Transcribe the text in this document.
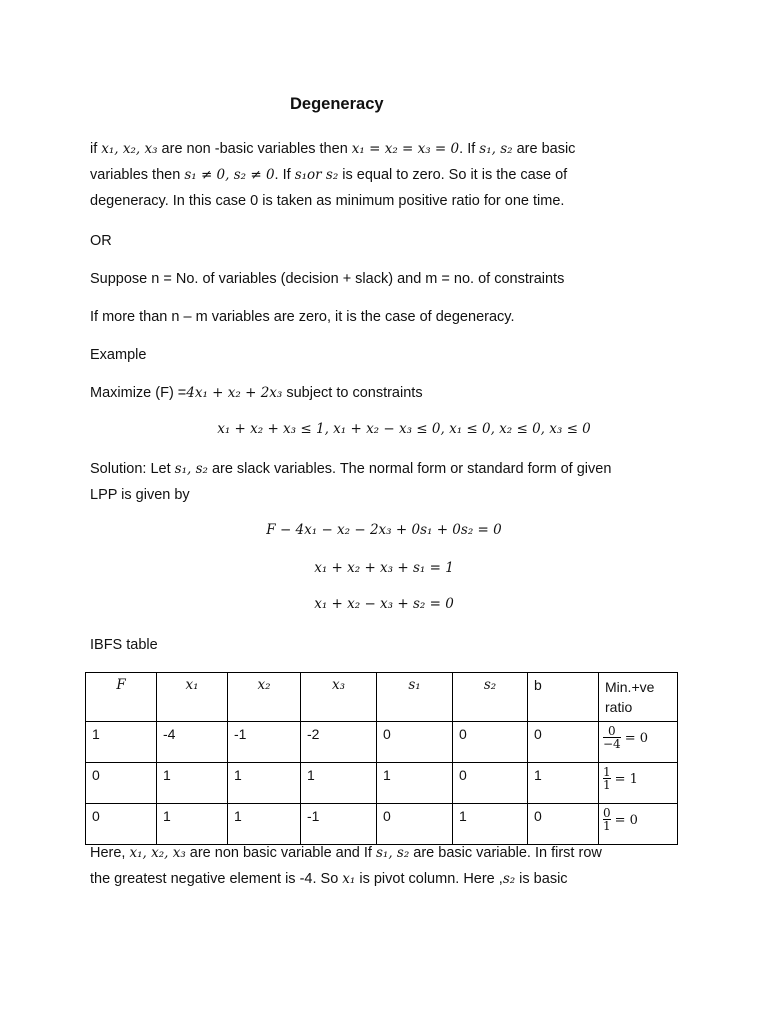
Degeneracy
if x₁, x₂, x₃ are non -basic variables then x₁ = x₂ = x₃ = 0. If s₁, s₂ are basic
variables then s₁ ≠ 0, s₂ ≠ 0. If s₁or s₂ is equal to zero. So it is the case of
degeneracy. In this case 0 is taken as minimum positive ratio for one time.
OR
Suppose n = No. of variables (decision + slack) and m = no. of constraints
If more than n – m variables are zero, it is the case of degeneracy.
Example
Maximize (F) =4x₁ + x₂ + 2x₃ subject to constraints
x₁ + x₂ + x₃ ≤ 1, x₁ + x₂ − x₃ ≤ 0, x₁ ≤ 0, x₂ ≤ 0, x₃ ≤ 0
Solution: Let s₁, s₂ are slack variables. The normal form or standard form of given
LPP is given by
F − 4x₁ − x₂ − 2x₃ + 0s₁ + 0s₂ = 0
x₁ + x₂ + x₃ + s₁ = 1
x₁ + x₂ − x₃ + s₂ = 0
IBFS table
F	x₁	x₂	x₃	s₁	s₂	b	Min.+ve ratio
1	-4	-1	-2	0	0	0	$\frac{0}{-4} = 0$

0	1	1	1	1	0	1	$\frac{1}{1} = 1$

0	1	1	-1	0	1	0	$\frac{0}{1} = 0$
Here, x₁, x₂, x₃ are non basic variable and If s₁, s₂ are basic variable. In first row
the greatest negative element is -4. So x₁ is pivot column. Here ,s₂ is basic
